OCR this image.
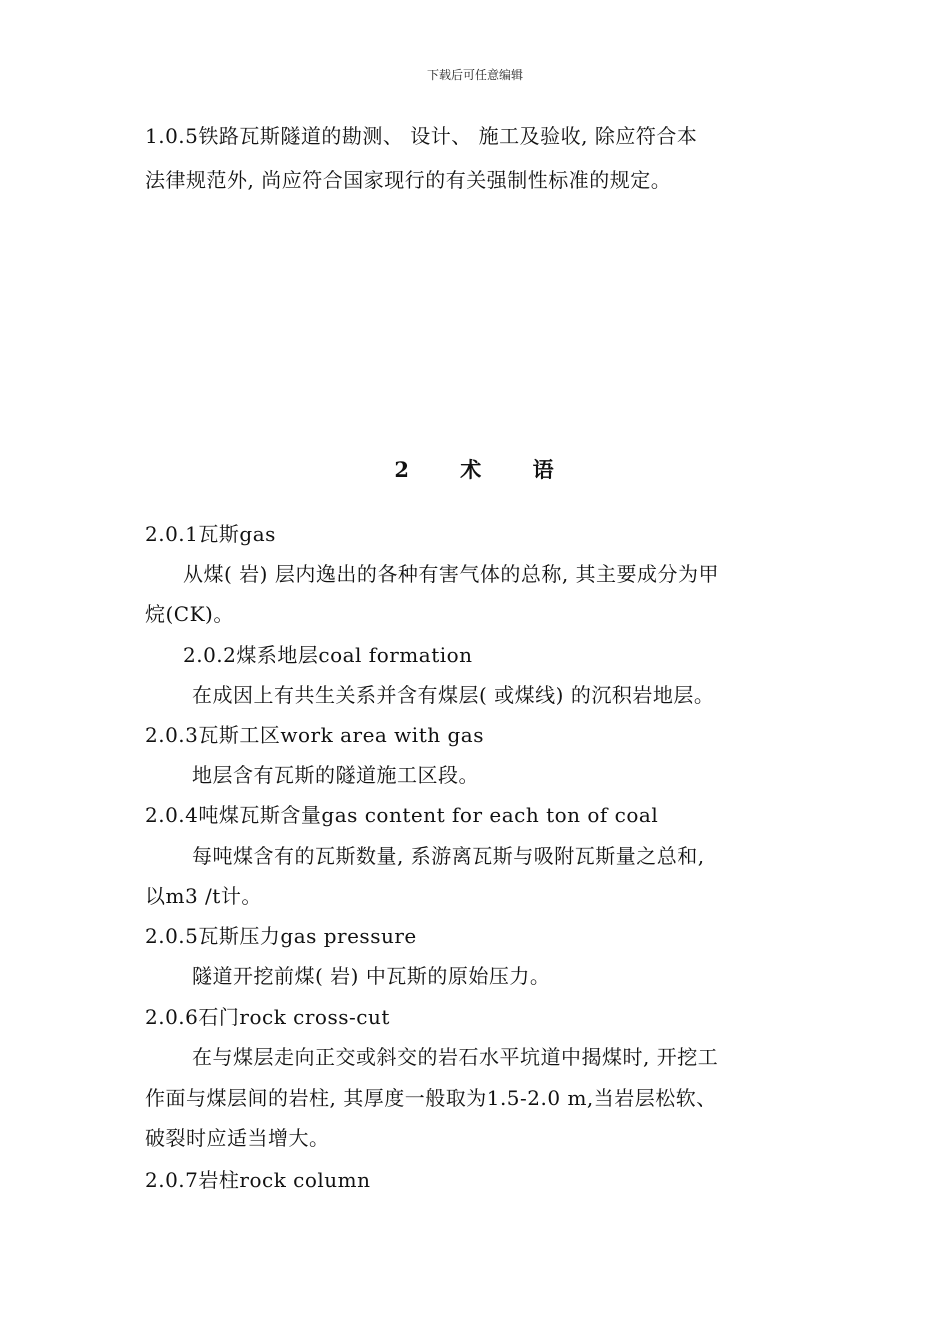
下载后可任意编辑
1.0.5铁路瓦斯隧道的勘测、 设计、 施工及验收, 除应符合本
法律规范外, 尚应符合国家现行的有关强制性标准的规定。
2 术 语
2.0.1瓦斯gas
从煤( 岩) 层内逸出的各种有害气体的总称, 其主要成分为甲
烷(CK)。
2.0.2煤系地层coal formation
在成因上有共生关系并含有煤层( 或煤线) 的沉积岩地层。
2.0.3瓦斯工区work area with gas
地层含有瓦斯的隧道施工区段。
2.0.4吨煤瓦斯含量gas content for each ton of coal
每吨煤含有的瓦斯数量, 系游离瓦斯与吸附瓦斯量之总和,
以m3 /t计。
2.0.5瓦斯压力gas pressure
隧道开挖前煤( 岩) 中瓦斯的原始压力。
2.0.6石门rock cross-cut
在与煤层走向正交或斜交的岩石水平坑道中揭煤时, 开挖工
作面与煤层间的岩柱, 其厚度一般取为1.5-2.0 m,当岩层松软、
破裂时应适当增大。
2.0.7岩柱rock column
